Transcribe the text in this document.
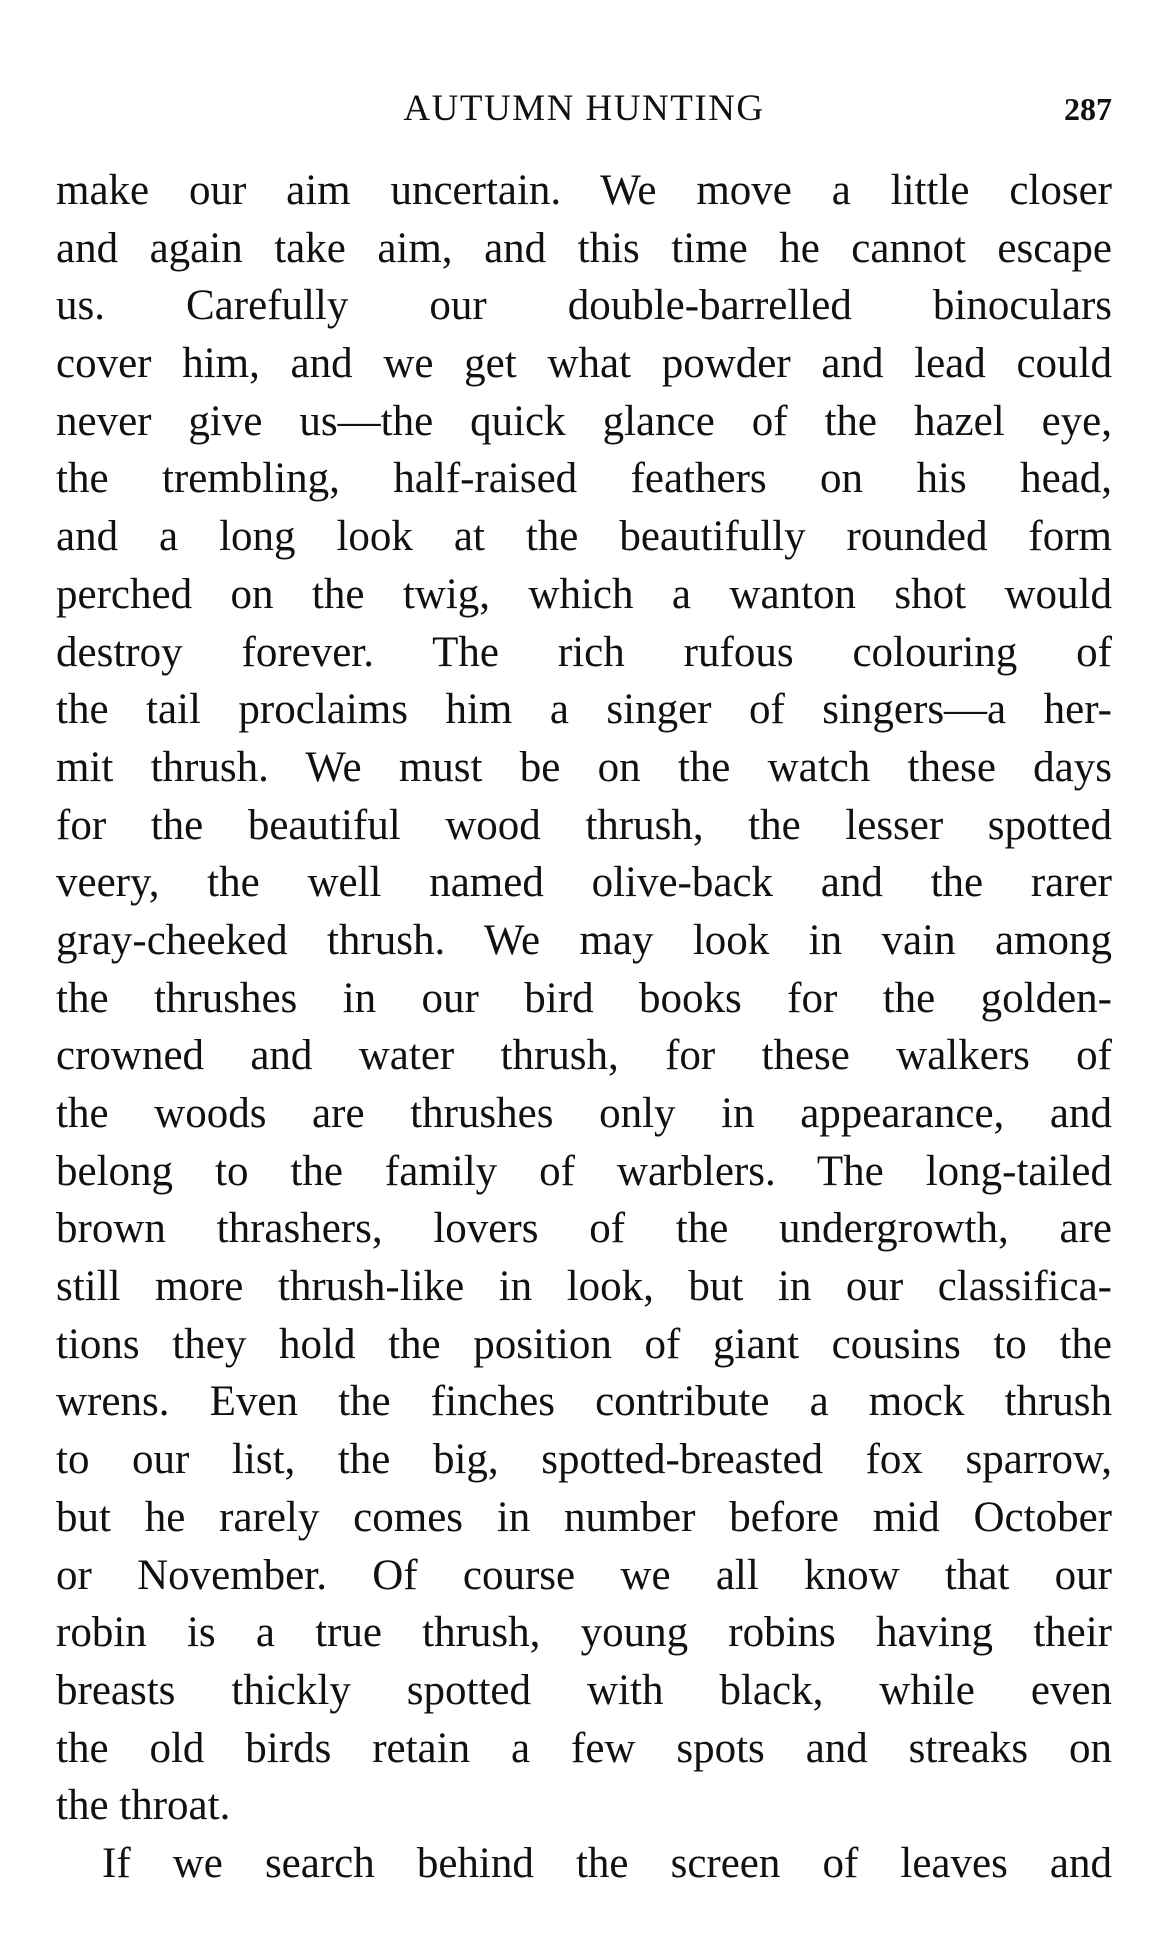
AUTUMN HUNTING	287
make our aim uncertain. We move a little closer
and again take aim, and this time he cannot escape
us. Carefully our double-barrelled binoculars
cover him, and we get what powder and lead could
never give us—the quick glance of the hazel eye,
the trembling, half-raised feathers on his head,
and a long look at the beautifully rounded form
perched on the twig, which a wanton shot would
destroy forever. The rich rufous colouring of
the tail proclaims him a singer of singers—a her-
mit thrush. We must be on the watch these days
for the beautiful wood thrush, the lesser spotted
veery, the well named olive-back and the rarer
gray-cheeked thrush. We may look in vain among
the thrushes in our bird books for the golden-
crowned and water thrush, for these walkers of
the woods are thrushes only in appearance, and
belong to the family of warblers. The long-tailed
brown thrashers, lovers of the undergrowth, are
still more thrush-like in look, but in our classifica-
tions they hold the position of giant cousins to the
wrens. Even the finches contribute a mock thrush
to our list, the big, spotted-breasted fox sparrow,
but he rarely comes in number before mid October
or November. Of course we all know that our
robin is a true thrush, young robins having their
breasts thickly spotted with black, while even
the old birds retain a few spots and streaks on
the throat.
If we search behind the screen of leaves and
